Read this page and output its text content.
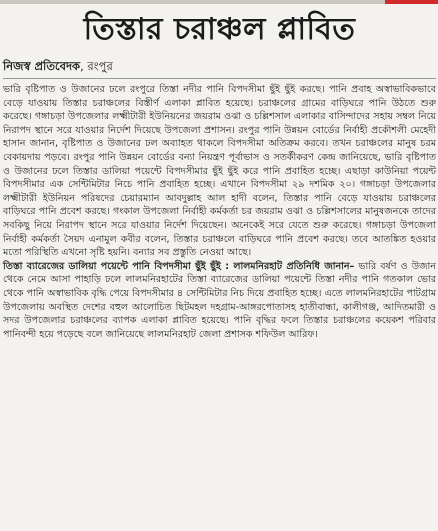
তিস্তার চরাঞ্চল প্লাবিত
নিজস্ব প্রতিবেদক, রংপুর

ভারি বৃষ্টিপাত ও উজানের ঢলে রংপুরে তিস্তা নদীর পানি বিপদসীমা ছুঁই ছুঁই করছে। পানি প্রবাহ অস্বাভাবিকভাবে বেড়ে যাওয়ায় তিস্তার চরাঞ্চলের বিস্তীর্ণ এলাকা প্লাবিত হয়েছে। চরাঞ্চলের গ্রামের বাড়িঘরে পানি উঠতে শুরু করেছে। গঙ্গাচড়া উপজেলার লক্ষ্মীটারী ইউনিয়নের জয়রাম ওঝা ও চল্লিশসাল এলাকার বাসিন্দাদের সহায় সম্বল নিয়ে নিরাপদ স্থানে সরে যাওয়ার নির্দেশ দিয়েছে উপজেলা প্রশাসন। রংপুর পানি উন্নয়ন বোর্ডের নির্বাহী প্রকৌশলী মেহেদী হাসান জানান, বৃষ্টিপাত ও উজানের ঢল অব্যাহত থাকলে বিপদসীমা অতিক্রম করবে। তখন চরাঞ্চলের মানুষ চরম বেকায়দায় পড়বে। রংপুর পানি উন্নয়ন বোর্ডের বন্যা নিয়ন্ত্রণ পূর্বাভাস ও সতর্কীকরণ কেন্দ্র জানিয়েছে, ভারি বৃষ্টিপাত ও উজানের ঢলে তিস্তার ডালিয়া পয়েন্টে বিপদসীমার ছুঁই ছুঁই করে পানি প্রবাহিত হচ্ছে। এছাড়া কাউনিয়া পয়েন্ট বিপদসীমার এক সেন্টিমিটার নিচে পানি প্রবাহিত হচ্ছে। এখানে বিপদসীমা ২৯ দশমিক ২০। গঙ্গাচড়া উপজেলার লক্ষ্মীটারী ইউনিয়ন পরিষদের চেয়ারম্যান আবদুল্লাহ আল হাদী বলেন, তিস্তার পানি বেড়ে যাওয়ায় চরাঞ্চলের বাড়িঘরে পানি প্রবেশ করছে। গংকাল উপজেলা নির্বাহী কর্মকর্তা চর জয়রাম ওঝা ও চল্লিশসালের মানুষজনকে তাদের সবকিছু নিয়ে নিরাপদ স্থানে সরে যাওয়ার নির্দেশ দিয়েছেন। অনেকেই সরে যেতে শুরু করেছে। গঙ্গাচড়া উপজেলা নির্বাহী কর্মকর্তা সৈয়দ এনামুল কবীর বলেন, তিস্তার চরাঞ্চলে বাড়িঘরে পানি প্রবেশ করছে। তবে আতঙ্কিত হওয়ার মতো পরিস্থিতি এখনো সৃষ্টি হয়নি। বন্যার সব প্রস্তুতি নেওয়া আছে।

তিস্তা ব্যারেজের ডালিয়া পয়েন্টে পানি বিপদসীমা ছুঁই ছুঁই : লালমনিরহাট প্রতিনিধি জানান– ভারি বর্ষণ ও উজান থেকে নেমে আসা পাহাড়ি ঢলে লালমনিরহাটের তিস্তা ব্যারেজের ডালিয়া পয়েন্টে তিস্তা নদীর পানি গতকাল ভোর থেকে পানি অস্বাভাবিক বৃদ্ধি পেয়ে বিপদসীমার ৪ সেন্টিমিটার নিচ দিয়ে প্রবাহিত হচ্ছে। এতে লালমনিরহাটের পাটগ্রাম উপজেলায় অবস্থিত দেশের বহুল আলোচিত ছিটমহল দহগ্রাম-আঙ্গরপোতাসহ হাতীবান্ধা, কালীগঞ্জ, আদিতমারী ও সদর উপজেলার চরাঞ্চলের ব্যাপক এলাকা প্লাবিত হয়েছে। পানি বৃদ্ধির ফলে তিস্তার চরাঞ্চলের কয়েকশ পরিবার পানিবন্দী হয়ে পড়েছে বলে জানিয়েছে লালমনিরহাট জেলা প্রশাসক শফিউল আরিফ।
